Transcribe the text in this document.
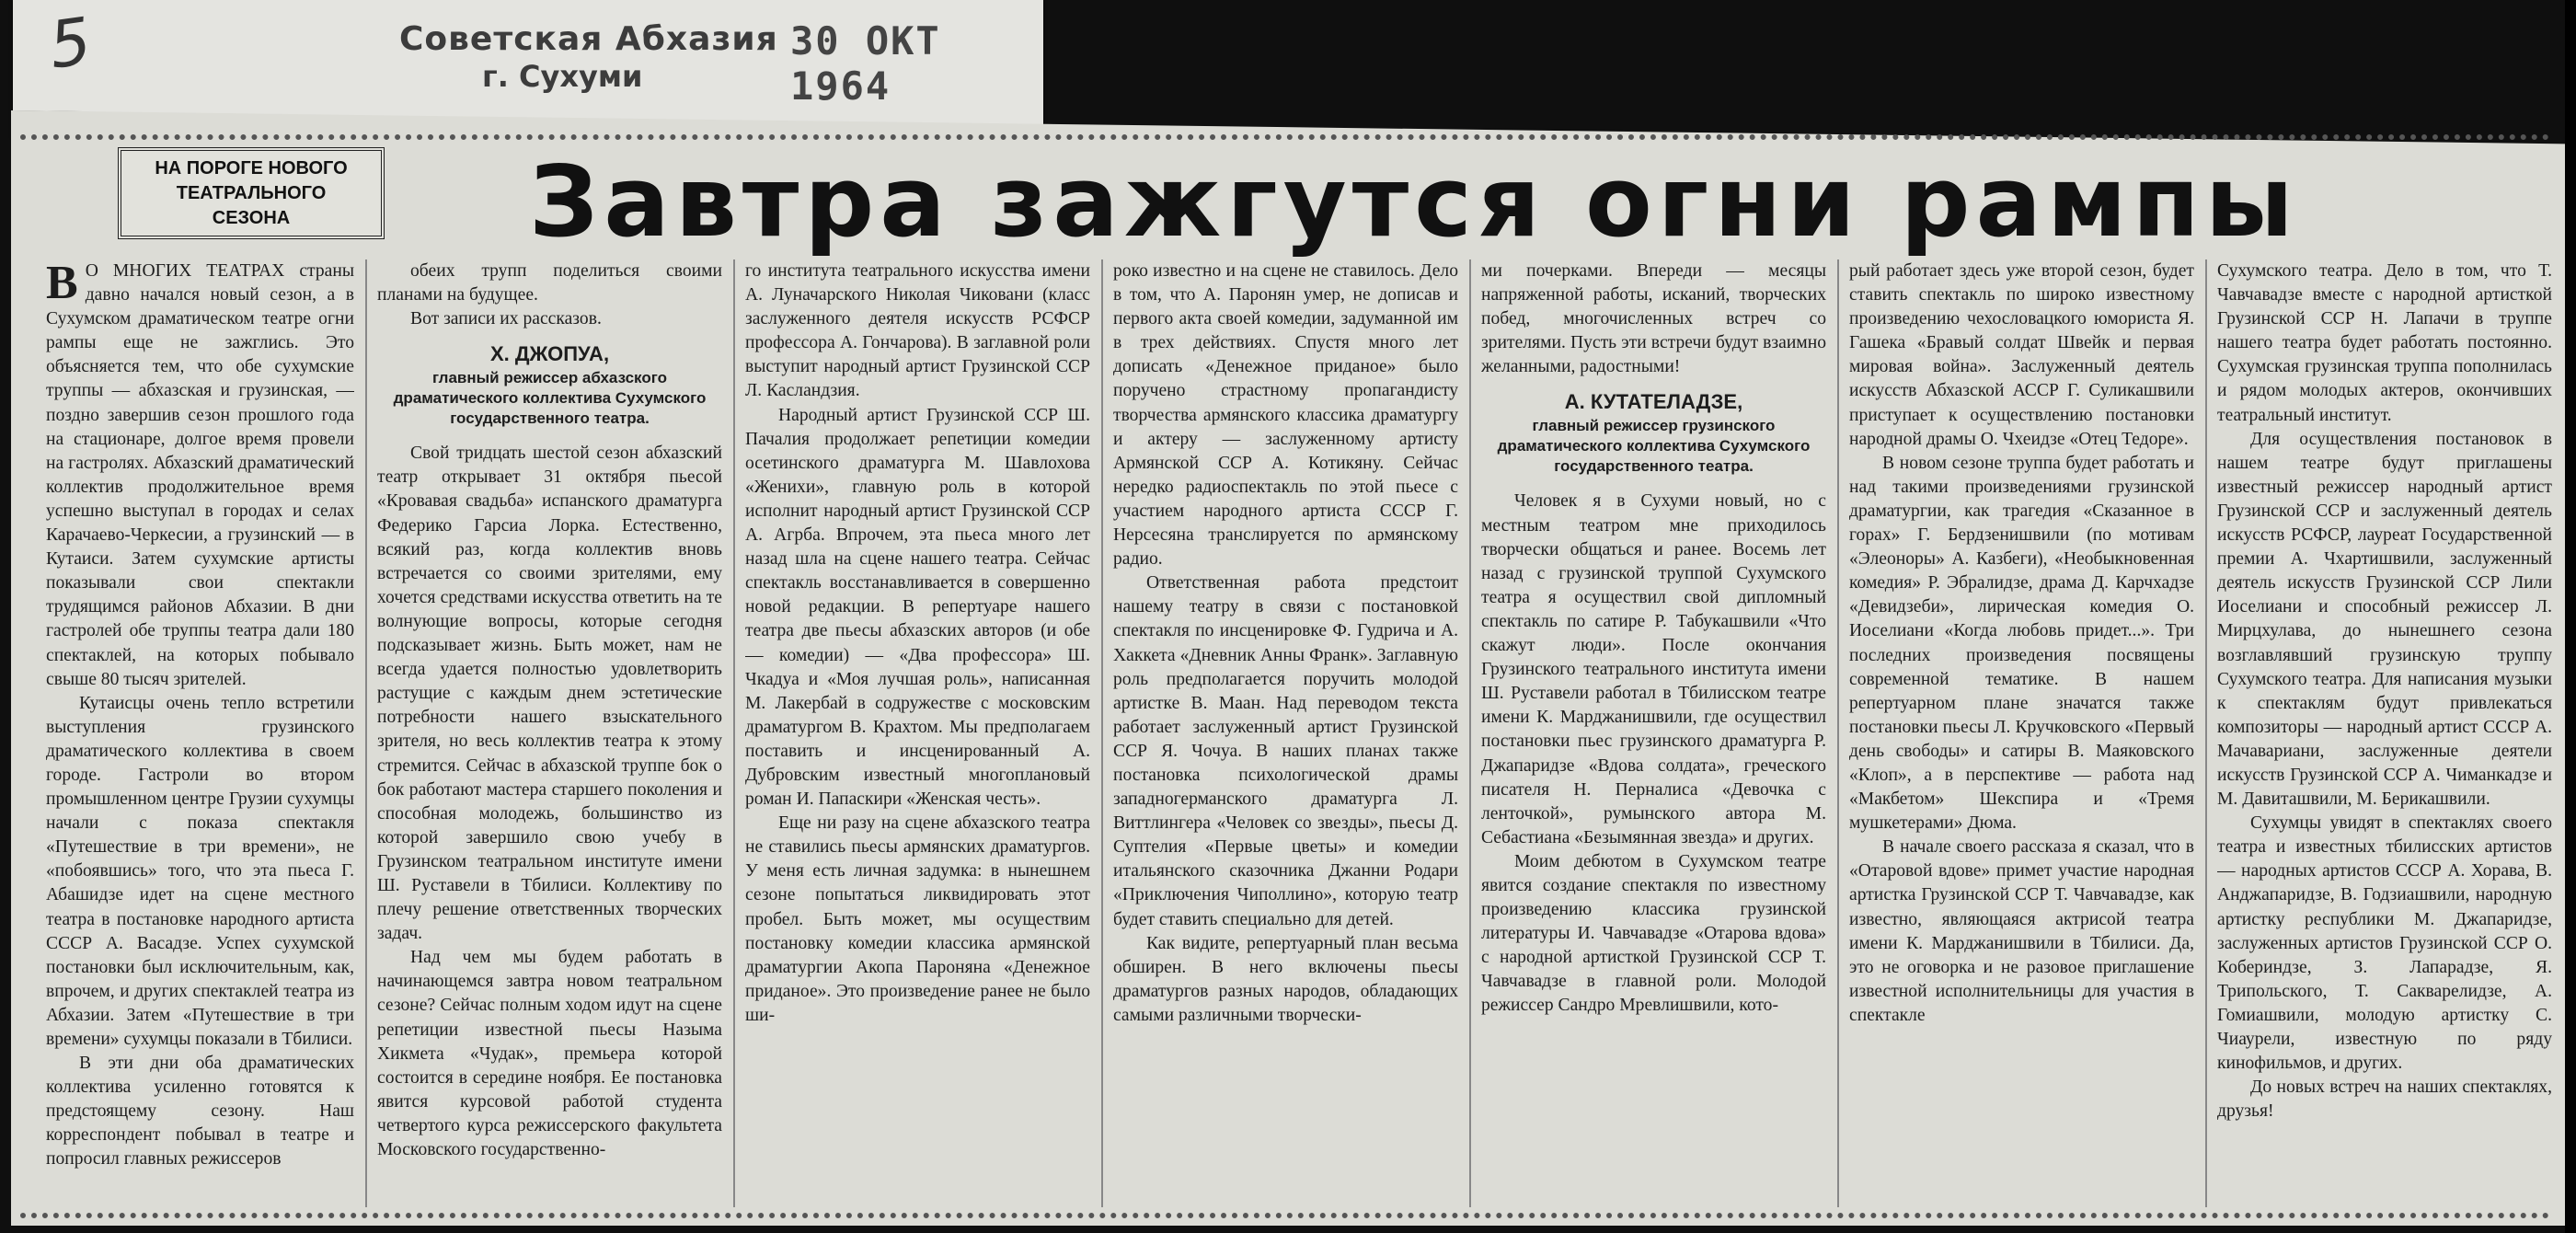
5	Советская Абхазия
г. Сухуми
30 ОКТ 1964
НА ПОРОГЕ НОВОГО
ТЕАТРАЛЬНОГО
СЕЗОНА	Завтра зажгутся огни рампы

В О МНОГИХ ТЕАТРАХ страны давно начался новый сезон, а в Сухумском драматическом театре огни рампы еще не зажглись. Это объясняется тем, что обе сухумские труппы — абхазская и грузинская, — поздно завершив сезон прошлого года на стационаре, долгое время провели на гастролях. Абхазский драматический коллектив продолжительное время успешно выступал в городах и селах Карачаево-Черкесии, а грузинский — в Кутаиси. Затем сухумские артисты показывали свои спектакли трудящимся районов Абхазии. В дни гастролей обе труппы театра дали 180 спектаклей, на которых побывало свыше 80 тысяч зрителей.

Кутаисцы очень тепло встретили выступления грузинского драматического коллектива в своем городе. Гастроли во втором промышленном центре Грузии сухумцы начали с показа спектакля «Путешествие в три времени», не «побоявшись» того, что эта пьеса Г. Абашидзе идет на сцене местного театра в постановке народного артиста СССР А. Васадзе. Успех сухумской постановки был исключительным, как, впрочем, и других спектаклей театра из Абхазии. Затем «Путешествие в три времени» сухумцы показали в Тбилиси.

В эти дни оба драматических коллектива усиленно готовятся к предстоящему сезону. Наш корреспондент побывал в театре и попросил главных режиссеров

обеих трупп поделиться своими планами на будущее.

Вот записи их рассказов.

Х. ДЖОПУА,
главный режиссер абхазского драматического коллектива Сухумского государственного театра.

Свой тридцать шестой сезон абхазский театр открывает 31 октября пьесой «Кровавая свадьба» испанского драматурга Федерико Гарсиа Лорка. Естественно, всякий раз, когда коллектив вновь встречается со своими зрителями, ему хочется средствами искусства ответить на тe волнующие вопросы, которые сегодня подсказывает жизнь. Быть может, нам не всегда удается полностью удовлетворить растущие с каждым днем эстетические потребности нашего взыскательного зрителя, но весь коллектив театра к этому стремится. Сейчас в абхазской труппе бок о бок работают мастера старшего поколения и способная молодежь, большинство из которой завершило свою учебу в Грузинском театральном институте имени Ш. Руставели в Тбилиси. Коллективу по плечу решение ответственных творческих задач.

Над чем мы будем работать в начинающемся завтра новом театральном сезоне? Сейчас полным ходом идут на сцене репетиции известной пьесы Назыма Хикмета «Чудак», премьера которой состоится в середине ноября. Ее постановка явится курсовой работой студента четвертого курса режиссерского факультета Московского государственно-

го института театрального искусства имени А. Луначарского Николая Чиковани (класс заслуженного деятеля искусств РСФСР профессора А. Гончарова). В заглавной роли выступит народный артист Грузинской ССР Л. Касландзия.

Народный артист Грузинской ССР Ш. Пачалия продолжает репетиции комедии осетинского драматурга М. Шавлохова «Женихи», главную роль в которой исполнит народный артист Грузинской ССР А. Агрба. Впрочем, эта пьеса много лет назад шла на сцене нашего театра. Сейчас спектакль восстанавливается в совершенно новой редакции. В репертуаре нашего театра две пьесы абхазских авторов (и обе — комедии) — «Два профессора» Ш. Чкадуа и «Моя лучшая роль», написанная М. Лакербай в содружестве с московским драматургом В. Крахтом. Мы предполагаем поставить и инсценированный А. Дубровским известный многоплановый роман И. Папаскири «Женская честь».

Еще ни разу на сцене абхазского театра не ставились пьесы армянских драматургов. У меня есть личная задумка: в нынешнем сезоне попытаться ликвидировать этот пробел. Быть может, мы осуществим постановку комедии классика армянской драматургии Акопа Пароняна «Денежное приданое». Это произведение ранее не было ши-

роко известно и на сцене не ставилось. Дело в том, что А. Паронян умер, не дописав и первого акта своей комедии, задуманной им в трех действиях. Спустя много лет дописать «Денежное приданое» было поручено страстному пропагандисту творчества армянского классика драматургу и актеру — заслуженному артисту Армянской ССР А. Котикяну. Сейчас нередко радиоспектакль по этой пьесе с участием народного артиста СССР Г. Нерсесяна транслируется по армянскому радио.

Ответственная работа предстоит нашему театру в связи с постановкой спектакля по инсценировке Ф. Гудрича и А. Хаккета «Дневник Анны Франк». Заглавную роль предполагается поручить молодой артистке В. Маан. Над переводом текста работает заслуженный артист Грузинской ССР Я. Чочуа. В наших планах также постановка психологической драмы западногерманского драматурга Л. Виттлингера «Человек со звезды», пьесы Д. Суптелия «Первые цветы» и комедии итальянского сказочника Джанни Родари «Приключения Чиполлино», которую театр будет ставить специально для детей.

Как видите, репертуарный план весьма обширен. В него включены пьесы драматургов разных народов, обладающих самыми различными творчески-

ми почерками. Впереди — месяцы напряженной работы, исканий, творческих побед, многочисленных встреч со зрителями. Пусть эти встречи будут взаимно желанными, радостными!

А. КУТАТЕЛАДЗЕ,
главный режиссер грузинского драматического коллектива Сухумского государственного театра.

Человек я в Сухуми новый, но с местным театром мне приходилось творчески общаться и ранее. Восемь лет назад с грузинской труппой Сухумского театра я осуществил свой дипломный спектакль по сатире Р. Табукашвили «Что скажут люди». После окончания Грузинского театрального института имени Ш. Руставели работал в Тбилисском театре имени К. Марджанишвили, где осуществил постановки пьес грузинского драматурга Р. Джапаридзе «Вдова солдата», греческого писателя Н. Перналиса «Девочка с ленточкой», румынского автора М. Себастиана «Безымянная звезда» и других.

Моим дебютом в Сухумском театре явится создание спектакля по известному произведению классика грузинской литературы И. Чавчавадзе «Отарова вдова» с народной артисткой Грузинской ССР Т. Чавчавадзе в главной роли. Молодой режиссер Сандро Мревлишвили, кото-

рый работает здесь уже второй сезон, будет ставить спектакль по широко известному произведению чехословацкого юмориста Я. Гашека «Бравый солдат Швейк и первая мировая война». Заслуженный деятель искусств Абхазской АССР Г. Суликашвили приступает к осуществлению постановки народной драмы О. Чхеидзе «Отец Тедоре».

В новом сезоне труппа будет работать и над такими произведениями грузинской драматургии, как трагедия «Сказанное в горах» Г. Бердзенишвили (по мотивам «Элеоноры» А. Казбеги), «Необыкновенная комедия» Р. Эбралидзе, драма Д. Карчхадзе «Девидзеби», лирическая комедия О. Иоселиани «Когда любовь придет...». Три последних произведения посвящены современной тематике. В нашем репертуарном плане значатся также постановки пьесы Л. Кручковского «Первый день свободы» и сатиры В. Маяковского «Клоп», а в перспективе — работа над «Макбетом» Шекспира и «Тремя мушкетерами» Дюма.

В начале своего рассказа я сказал, что в «Отаровой вдове» примет участие народная артистка Грузинской ССР Т. Чавчавадзе, как известно, являющаяся актрисой театра имени К. Марджанишвили в Тбилиси. Да, это не оговорка и не разовое приглашение известной исполнительницы для участия в спектакле

Сухумского театра. Дело в том, что Т. Чавчавадзе вместе с народной артисткой Грузинской ССР Н. Лапачи в труппе нашего театра будет работать постоянно. Сухумская грузинская труппа пополнилась и рядом молодых актеров, окончивших театральный институт.

Для осуществления постановок в нашем театре будут приглашены известный режиссер народный артист Грузинской ССР и заслуженный деятель искусств РСФСР, лауреат Государственной премии А. Чхартишвили, заслуженный деятель искусств Грузинской ССР Лили Иоселиани и способный режиссер Л. Мирцхулава, до нынешнего сезона возглавлявший грузинскую труппу Сухумского театра. Для написания музыки к спектаклям будут привлекаться композиторы — народный артист СССР А. Мачавариани, заслуженные деятели искусств Грузинской ССР А. Чиманкадзе и М. Давиташвили, М. Берикашвили.

Сухумцы увидят в спектаклях своего театра и известных тбилисских артистов — народных артистов СССР А. Хорава, В. Анджапаридзе, В. Годзиашвили, народную артистку республики М. Джапаридзе, заслуженных артистов Грузинской ССР О. Кобериндзе, З. Лапарадзе, Я. Трипольского, Т. Сакварелидзе, А. Гомиашвили, молодую артистку С. Чиаурели, известную по ряду кинофильмов, и других.

До новых встреч на наших спектаклях, друзья!
